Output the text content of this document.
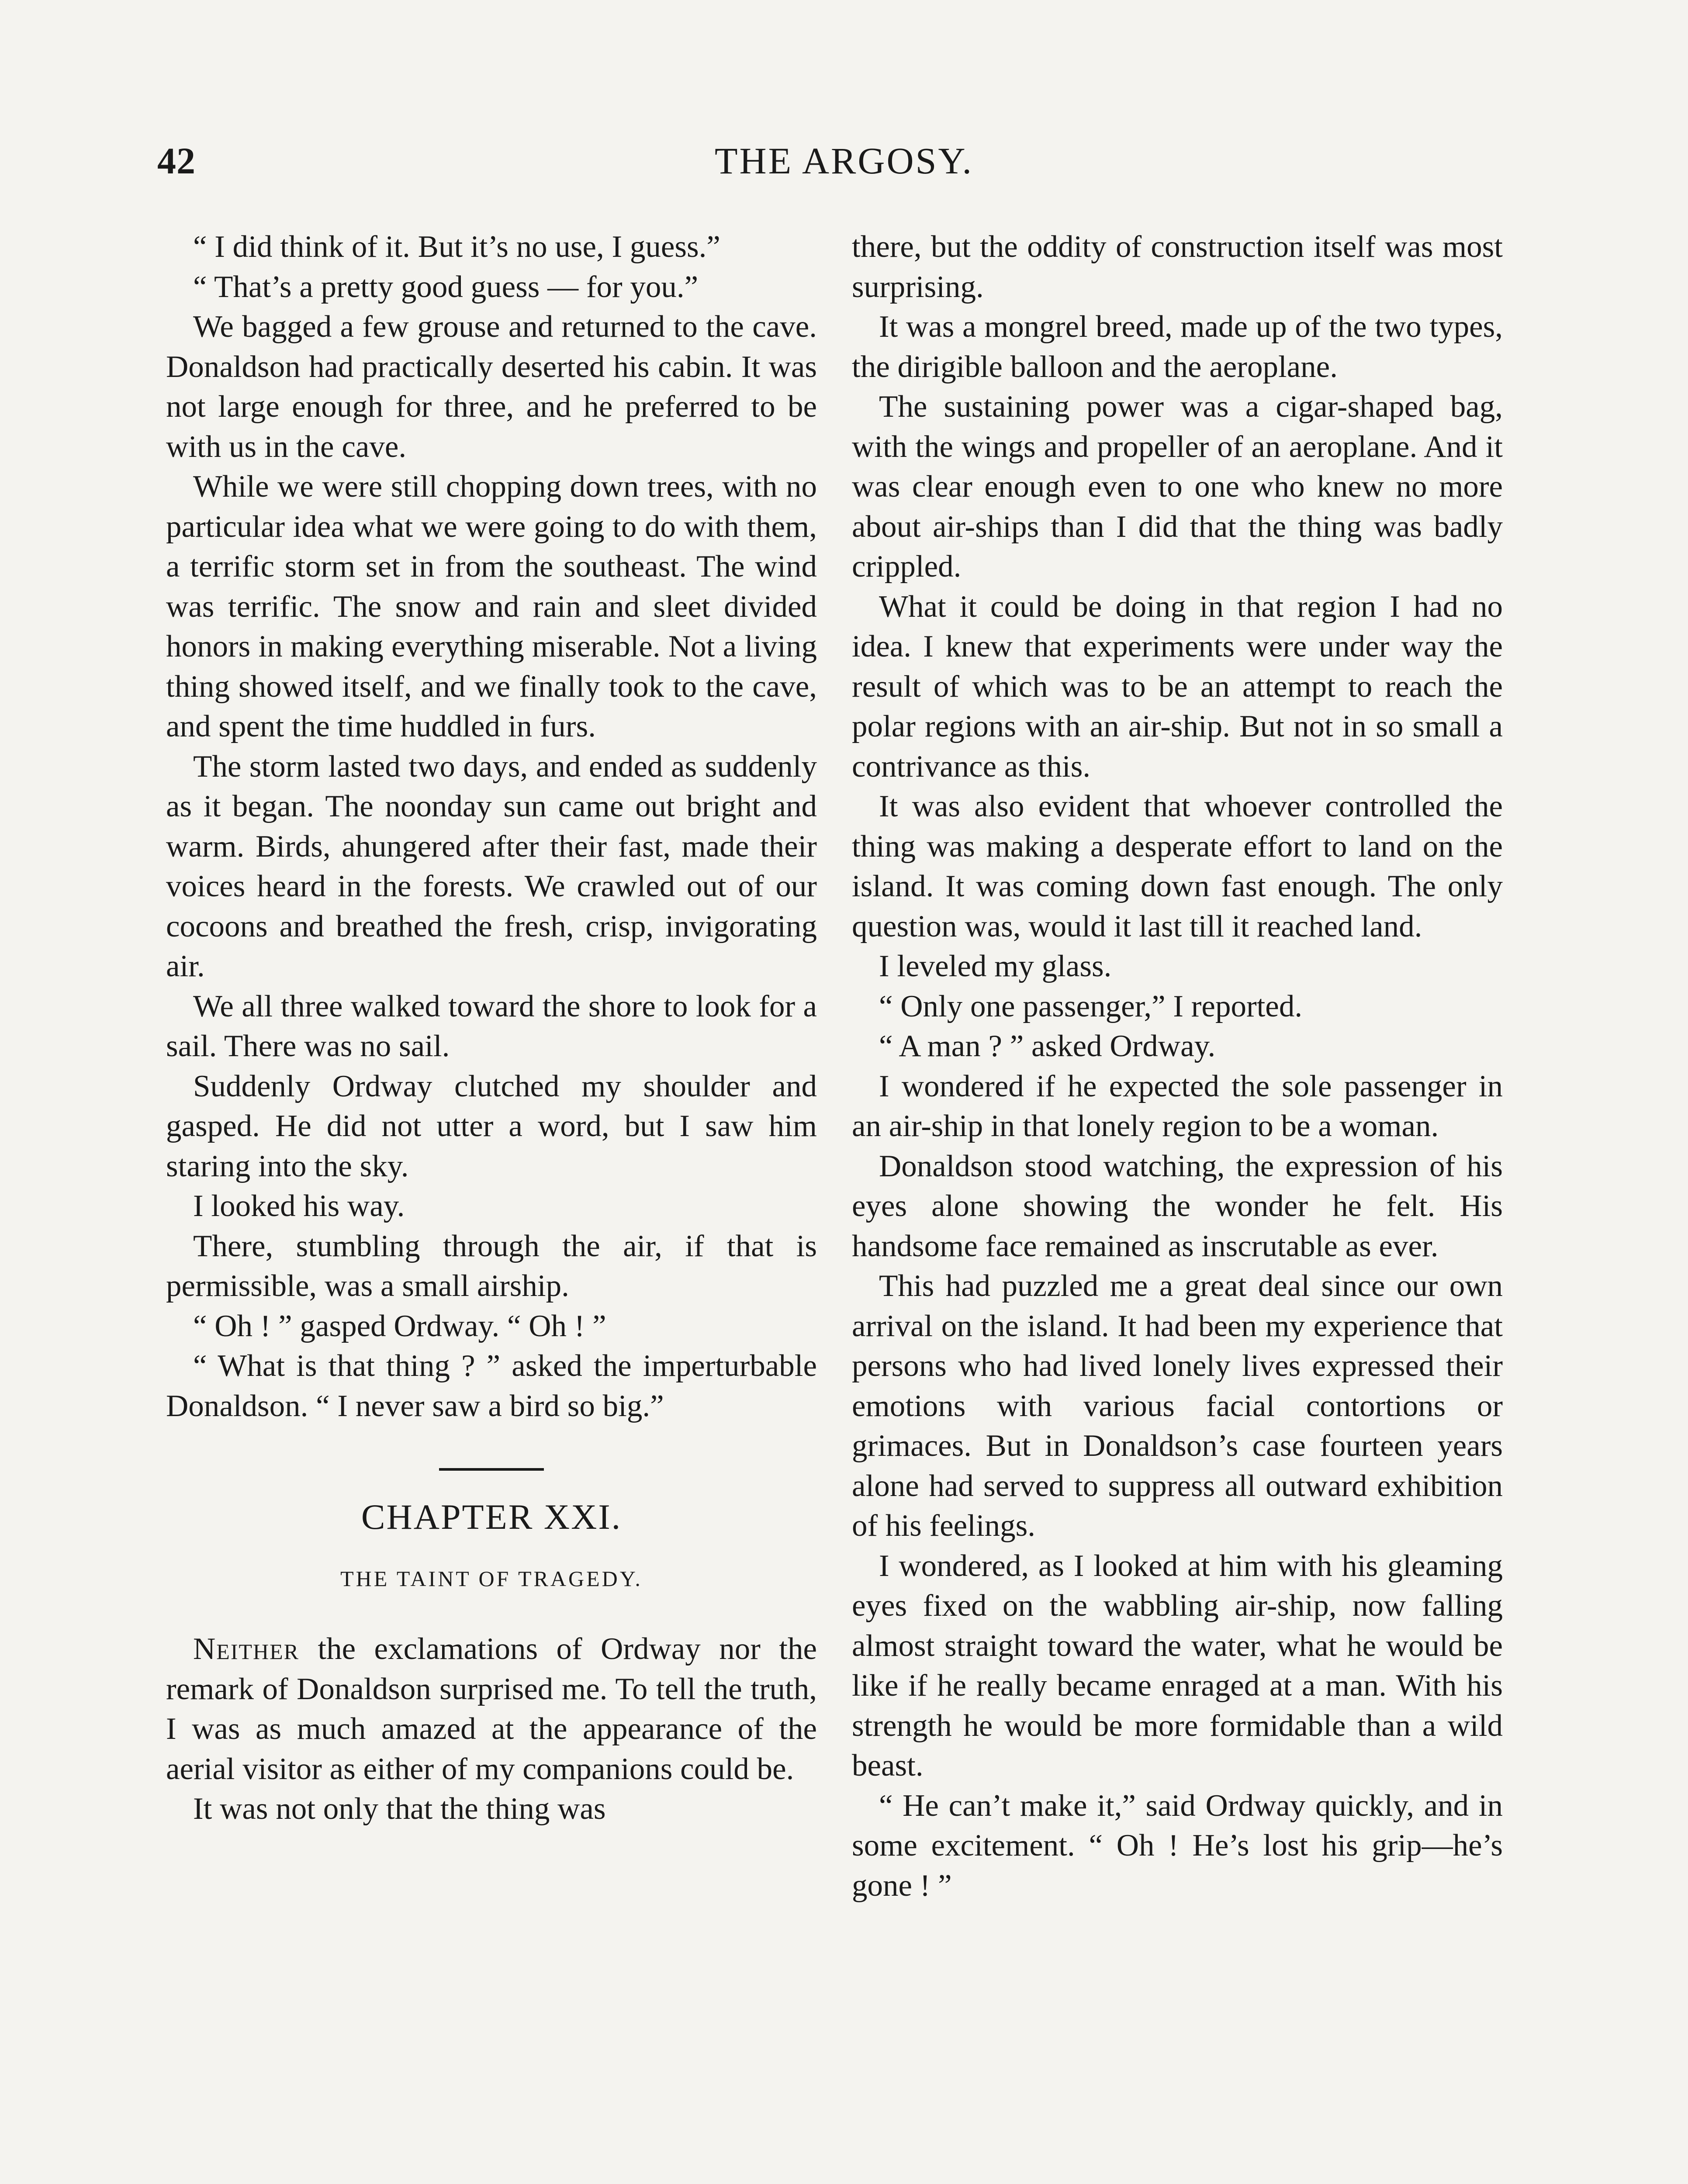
42	THE ARGOSY.

“ I did think of it. But it’s no use, I guess.”

“ That’s a pretty good guess — for you.”

We bagged a few grouse and returned to the cave. Donaldson had practically deserted his cabin. It was not large enough for three, and he preferred to be with us in the cave.

While we were still chopping down trees, with no particular idea what we were going to do with them, a terrific storm set in from the southeast. The wind was terrific. The snow and rain and sleet divided honors in making everything miserable. Not a living thing showed itself, and we finally took to the cave, and spent the time huddled in furs.

The storm lasted two days, and ended as suddenly as it began. The noonday sun came out bright and warm. Birds, ahungered after their fast, made their voices heard in the forests. We crawled out of our cocoons and breathed the fresh, crisp, invigorating air.

We all three walked toward the shore to look for a sail. There was no sail.

Suddenly Ordway clutched my shoulder and gasped. He did not utter a word, but I saw him staring into the sky.

I looked his way.

There, stumbling through the air, if that is permissible, was a small airship.

“ Oh ! ” gasped Ordway. “ Oh ! ”

“ What is that thing ? ” asked the imperturbable Donaldson. “ I never saw a bird so big.”

CHAPTER XXI.

THE TAINT OF TRAGEDY.

Neither the exclamations of Ordway nor the remark of Donaldson surprised me. To tell the truth, I was as much amazed at the appearance of the aerial visitor as either of my companions could be.

It was not only that the thing was

there, but the oddity of construction itself was most surprising.

It was a mongrel breed, made up of the two types, the dirigible balloon and the aeroplane.

The sustaining power was a cigar-shaped bag, with the wings and propeller of an aeroplane. And it was clear enough even to one who knew no more about air-ships than I did that the thing was badly crippled.

What it could be doing in that region I had no idea. I knew that experiments were under way the result of which was to be an attempt to reach the polar regions with an air-ship. But not in so small a contrivance as this.

It was also evident that whoever controlled the thing was making a desperate effort to land on the island. It was coming down fast enough. The only question was, would it last till it reached land.

I leveled my glass.

“ Only one passenger,” I reported.

“ A man ? ” asked Ordway.

I wondered if he expected the sole passenger in an air-ship in that lonely region to be a woman.

Donaldson stood watching, the expression of his eyes alone showing the wonder he felt. His handsome face remained as inscrutable as ever.

This had puzzled me a great deal since our own arrival on the island. It had been my experience that persons who had lived lonely lives expressed their emotions with various facial contortions or grimaces. But in Donaldson’s case fourteen years alone had served to suppress all outward exhibition of his feelings.

I wondered, as I looked at him with his gleaming eyes fixed on the wabbling air-ship, now falling almost straight toward the water, what he would be like if he really became enraged at a man. With his strength he would be more formidable than a wild beast.

“ He can’t make it,” said Ordway quickly, and in some excitement. “ Oh ! He’s lost his grip—he’s gone ! ”
